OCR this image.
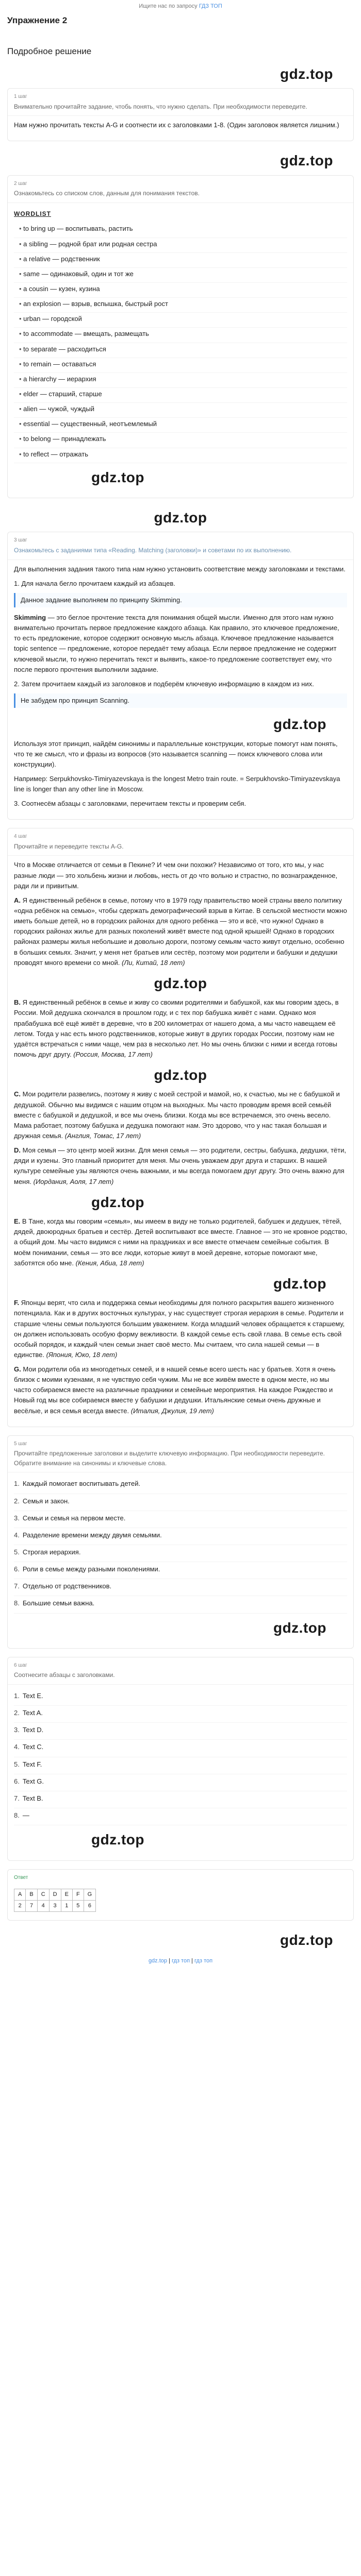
Ищите нас по запросу ГДЗ ТОП
Упражнение 2
Подробное решение
gdz.top
1 шаг
Внимательно прочитайте задание, чтобь понять, что нужно сделать. При необходимости переведите.

Нам нужно прочитать тексты A-G и соотнести их с заголовками 1-8. (Один заголовок является лишним.)

gdz.top
2 шаг
Ознакомьтесь со списком слов, данным для понимания текстов.
WORDLIST
• to bring up — воспитывать, растить
• a sibling — родной брат или родная сестра
• a relative — родственник
• same — одинаковый, один и тот же
• a cousin — кузен, кузина
• an explosion — взрыв, вспышка, быстрый рост
• urban — городской
• to accommodate — вмещать, размещать
• to separate — расходиться
• to remain — оставаться
• a hierarchy — иерархия
• elder — старший, старше
• alien — чужой, чуждый
• essential — существенный, неотъемлемый
• to belong — принадлежать
• to reflect — отражать
gdz.top
gdz.top
3 шаг
Ознакомьтесь с заданиями типа «Reading. Matching (заголовки)» и советами по их выполнению.

Для выполнения задания такого типа нам нужно установить соответствие между заголовками и текстами.

1. Для начала бегло прочитаем каждый из абзацев.

Данное задание выполняем по принципу Skimming.

Skimming — это беглое прочтение текста для понимания общей мысли. Именно для этого нам нужно внимательно прочитать первое предложение каждого абзаца. Как правило, это ключевое предложение, то есть предложение, которое содержит основную мысль абзаца. Ключевое предложение называется topic sentence — предложение, которое передаёт тему абзаца. Если первое предложение не содержит ключевой мысли, то нужно перечитать текст и выявить, какое-то предложение соответствует ему, что после первого прочтения выполнили задание.

2. Затем прочитаем каждый из заголовков и подберём ключевую информацию в каждом из них.

Не забудем про принцип Scanning.
gdz.top

Используя этот принцип, найдём синонимы и параллельные конструкции, которые помогут нам понять, что те же смысл, что и фразы из вопросов (это называется scanning — поиск ключевого слова или конструкции).

Например: Serpukhovsko-Timiryazevskaya is the longest Metro train route. = Serpukhovsko-Timiryazevskaya line is longer than any other line in Moscow.

3. Соотнесём абзацы с заголовками, перечитаем тексты и проверим себя.

4 шаг
Прочитайте и переведите тексты A-G.

Что в Москве отличается от семьи в Пекине? И чем они похожи? Независимо от того, кто мы, у нас разные люди — это хольбень жизни и любовь, несть от до что вольно и страстно, по вознагражденное, ради ли и привитым.

A. Я единственный ребёнок в семье, потому что в 1979 году правительство моей страны ввело политику «одна ребёнок на семью», чтобы сдержать демографический взрыв в Китае. В сельской местности можно иметь больше детей, но в городских районах для одного ребёнка — это и всё, что нужно! Однако в городских районах жилье для разных поколений живёт вместе под одной крышей! Однако в городских районах размеры жилья небольшие и довольно дороги, поэтому семьям часто живут отдельно, особенно в больших семьях. Значит, у меня нет братьев или сестёр, поэтому мои родители и бабушки и дедушки проводят много времени со мной. (Ли, Китай, 18 лет)

gdz.top

B. Я единственный ребёнок в семье и живу со своими родителями и бабушкой, как мы говорим здесь, в России. Мой дедушка скончался в прошлом году, и с тех пор бабушка живёт с нами. Однако моя прабабушка всё ещё живёт в деревне, что в 200 километрах от нашего дома, а мы часто навещаем её летом. Тогда у нас есть много родственников, которые живут в других городах России, поэтому нам не удаётся встречаться с ними чаще, чем раз в несколько лет. Но мы очень близки с ними и всегда готовы помочь друг другу. (Россия, Москва, 17 лет)

gdz.top

C. Мои родители развелись, поэтому я живу с моей сестрой и мамой, но, к счастью, мы не с бабушкой и дедушкой. Обычно мы видимся с нашим отцом на выходных. Мы часто проводим время всей семьёй вместе с бабушкой и дедушкой, и все мы очень близки. Когда мы все встречаемся, это очень весело. Мама работает, поэтому бабушка и дедушка помогают нам. Это здорово, что у нас такая большая и дружная семья. (Англия, Томас, 17 лет)

D. Моя семья — это центр моей жизни. Для меня семья — это родители, сестры, бабушка, дедушки, тёти, дяди и кузены. Это главный приоритет для меня. Мы очень уважаем друг друга и старших. В нашей культуре семейные узы являются очень важными, и мы всегда помогаем друг другу. Это очень важно для меня. (Иордания, Аоля, 17 лет)

gdz.top

E. В Тане, когда мы говорим «семья», мы имеем в виду не только родителей, бабушек и дедушек, тётей, дядей, двоюродных братьев и сестёр. Детей воспитывают все вместе. Главное — это не кровное родство, а общий дом. Мы часто видимся с ними на праздниках и все вместе отмечаем семейные события. В моём понимании, семья — это все люди, которые живут в моей деревне, которые помогают мне, заботятся обо мне. (Кения, Абиа, 18 лет)

gdz.top

F. Японцы верят, что сила и поддержка семьи необходимы для полного раскрытия вашего жизненного потенциала. Как и в других восточных культурах, у нас существует строгая иерархия в семье. Родители и старшие члены семьи пользуются большим уважением. Когда младший человек обращается к старшему, он должен использовать особую форму вежливости. В каждой семье есть свой глава. В семье есть свой особый порядок, и каждый член семьи знает своё место. Мы считаем, что сила нашей семьи — в единстве. (Япония, Юко, 18 лет)

G. Мои родители оба из многодетных семей, и в нашей семье всего шесть нас у братьев. Хотя я очень близок с моими кузенами, я не чувствую себя чужим. Мы не все живём вместе в одном месте, но мы часто собираемся вместе на различные праздники и семейные мероприятия. На каждое Рождество и Новый год мы все собираемся вместе у бабушки и дедушки. Итальянские семьи очень дружные и весёлые, и вся семья всегда вместе. (Италия, Джулия, 19 лет)

5 шаг
Прочитайте предложенные заголовки и выделите ключевую информацию. При необходимости переведите. Обратите внимание на синонимы и ключевые слова.
1. Каждый помогает воспитывать детей.
2. Семья и закон.
3. Семьи и семья на первом месте.
4. Разделение времени между двумя семьями.
5. Строгая иерархия.
6. Роли в семье между разными поколениями.
7. Отдельно от родственников.
8. Большие семьи важна.
gdz.top
6 шаг
Соотнесите абзацы с заголовками.
1. Text E.
2. Text A.
3. Text D.
4. Text C.
5. Text F.
6. Text G.
7. Text B.
8. —
gdz.top
Ответ
A	B	C	D	E	F	G
2	7	4	3	1	5	6
gdz.top
gdz.top | гдз топ | гдз топ
